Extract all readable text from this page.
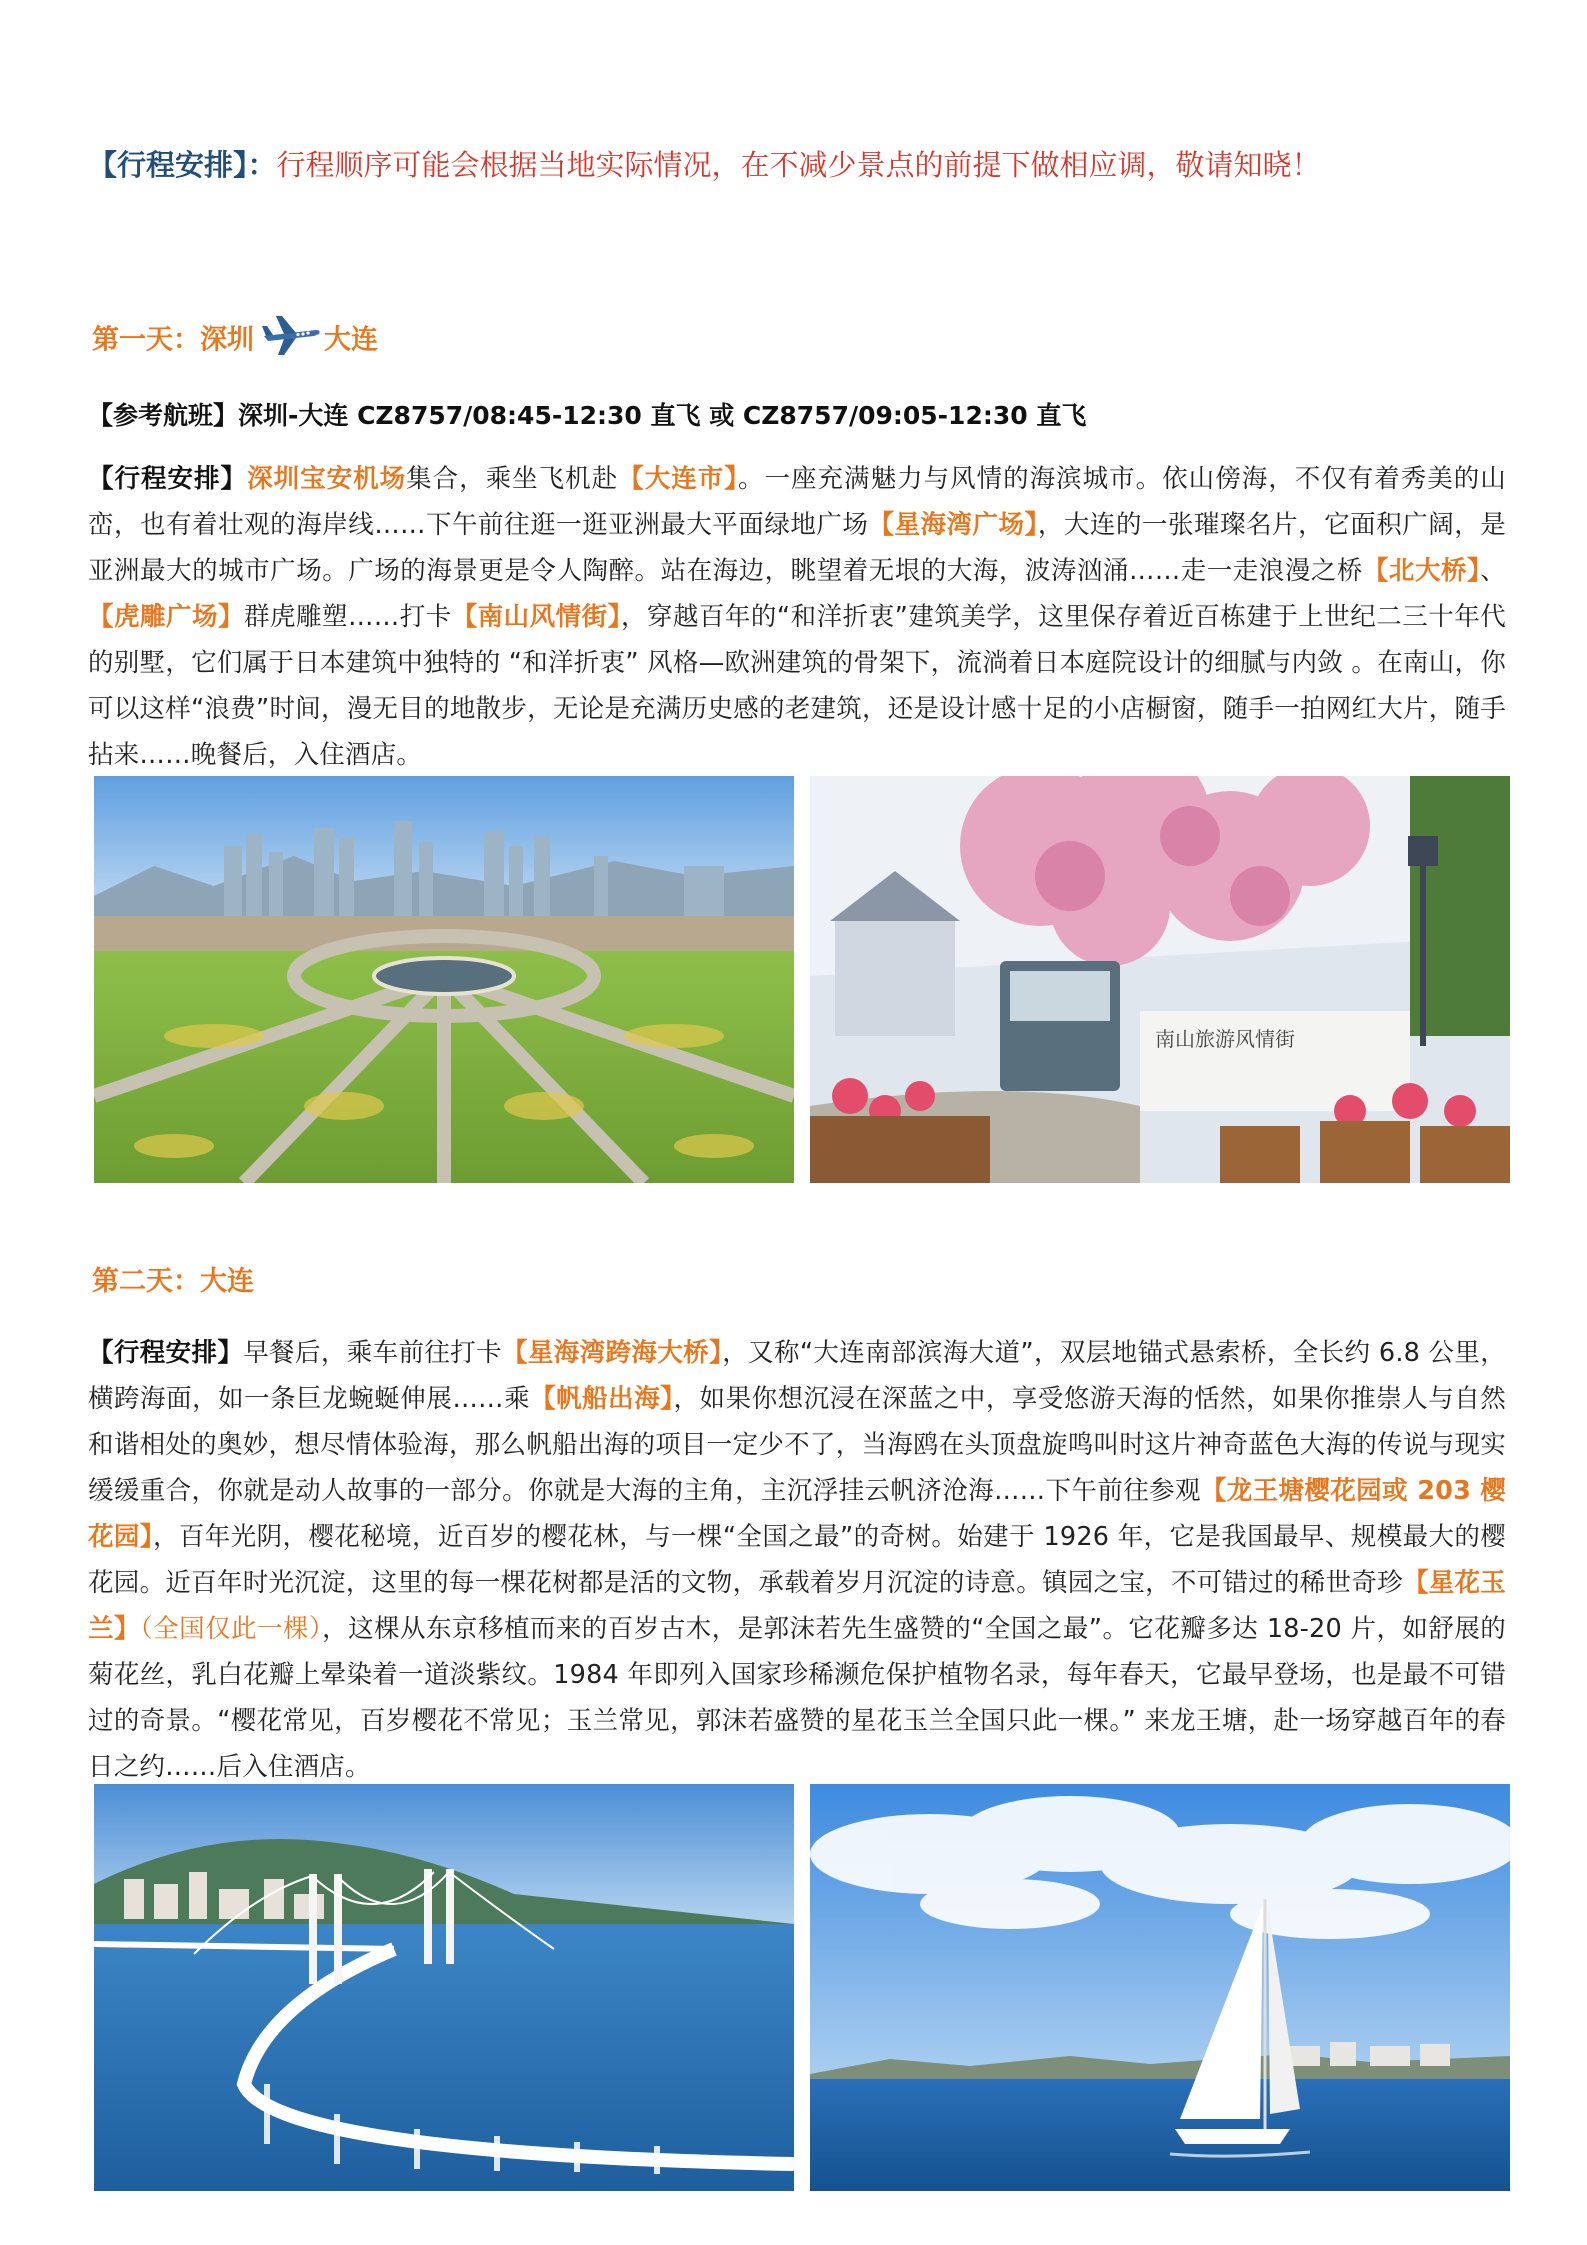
【行程安排】：行程顺序可能会根据当地实际情况，在不减少景点的前提下做相应调，敬请知晓！
第一天：深圳	大连
【参考航班】深圳-大连 CZ8757/08:45-12:30 直飞 或 CZ8757/09:05-12:30 直飞
【行程安排】深圳宝安机场集合，乘坐飞机赴【大连市】。一座充满魅力与风情的海滨城市。依山傍海，不仅有着秀美的山峦，也有着壮观的海岸线……下午前往逛一逛亚洲最大平面绿地广场【星海湾广场】，大连的一张璀璨名片，它面积广阔，是亚洲最大的城市广场。广场的海景更是令人陶醉。站在海边，眺望着无垠的大海，波涛汹涌……走一走浪漫之桥【北大桥】、【虎雕广场】群虎雕塑……打卡【南山风情街】，穿越百年的“和洋折衷”建筑美学，这里保存着近百栋建于上世纪二三十年代的别墅，它们属于日本建筑中独特的 “和洋折衷” 风格—欧洲建筑的骨架下，流淌着日本庭院设计的细腻与内敛 。在南山，你可以这样“浪费”时间，漫无目的地散步，无论是充满历史感的老建筑，还是设计感十足的小店橱窗，随手一拍网红大片，随手拈来……晚餐后，入住酒店。
南山旅游风情街
第二天：大连
【行程安排】早餐后，乘车前往打卡【星海湾跨海大桥】，又称“大连南部滨海大道”，双层地锚式悬索桥，全长约 6.8 公里，横跨海面，如一条巨龙蜿蜒伸展……乘【帆船出海】，如果你想沉浸在深蓝之中，享受悠游天海的恬然，如果你推崇人与自然和谐相处的奥妙，想尽情体验海，那么帆船出海的项目一定少不了，当海鸥在头顶盘旋鸣叫时这片神奇蓝色大海的传说与现实缓缓重合，你就是动人故事的一部分。你就是大海的主角，主沉浮挂云帆济沧海……下午前往参观【龙王塘樱花园或 203 樱花园】，百年光阴，樱花秘境，近百岁的樱花林，与一棵“全国之最”的奇树。始建于 1926 年，它是我国最早、规模最大的樱花园。近百年时光沉淀，这里的每一棵花树都是活的文物，承载着岁月沉淀的诗意。镇园之宝，不可错过的稀世奇珍【星花玉兰】（全国仅此一棵），这棵从东京移植而来的百岁古木，是郭沫若先生盛赞的“全国之最”。它花瓣多达 18-20 片，如舒展的菊花丝，乳白花瓣上晕染着一道淡紫纹。1984 年即列入国家珍稀濒危保护植物名录，每年春天，它最早登场，也是最不可错过的奇景。“樱花常见，百岁樱花不常见；玉兰常见，郭沫若盛赞的星花玉兰全国只此一棵。” 来龙王塘，赴一场穿越百年的春日之约……后入住酒店。
